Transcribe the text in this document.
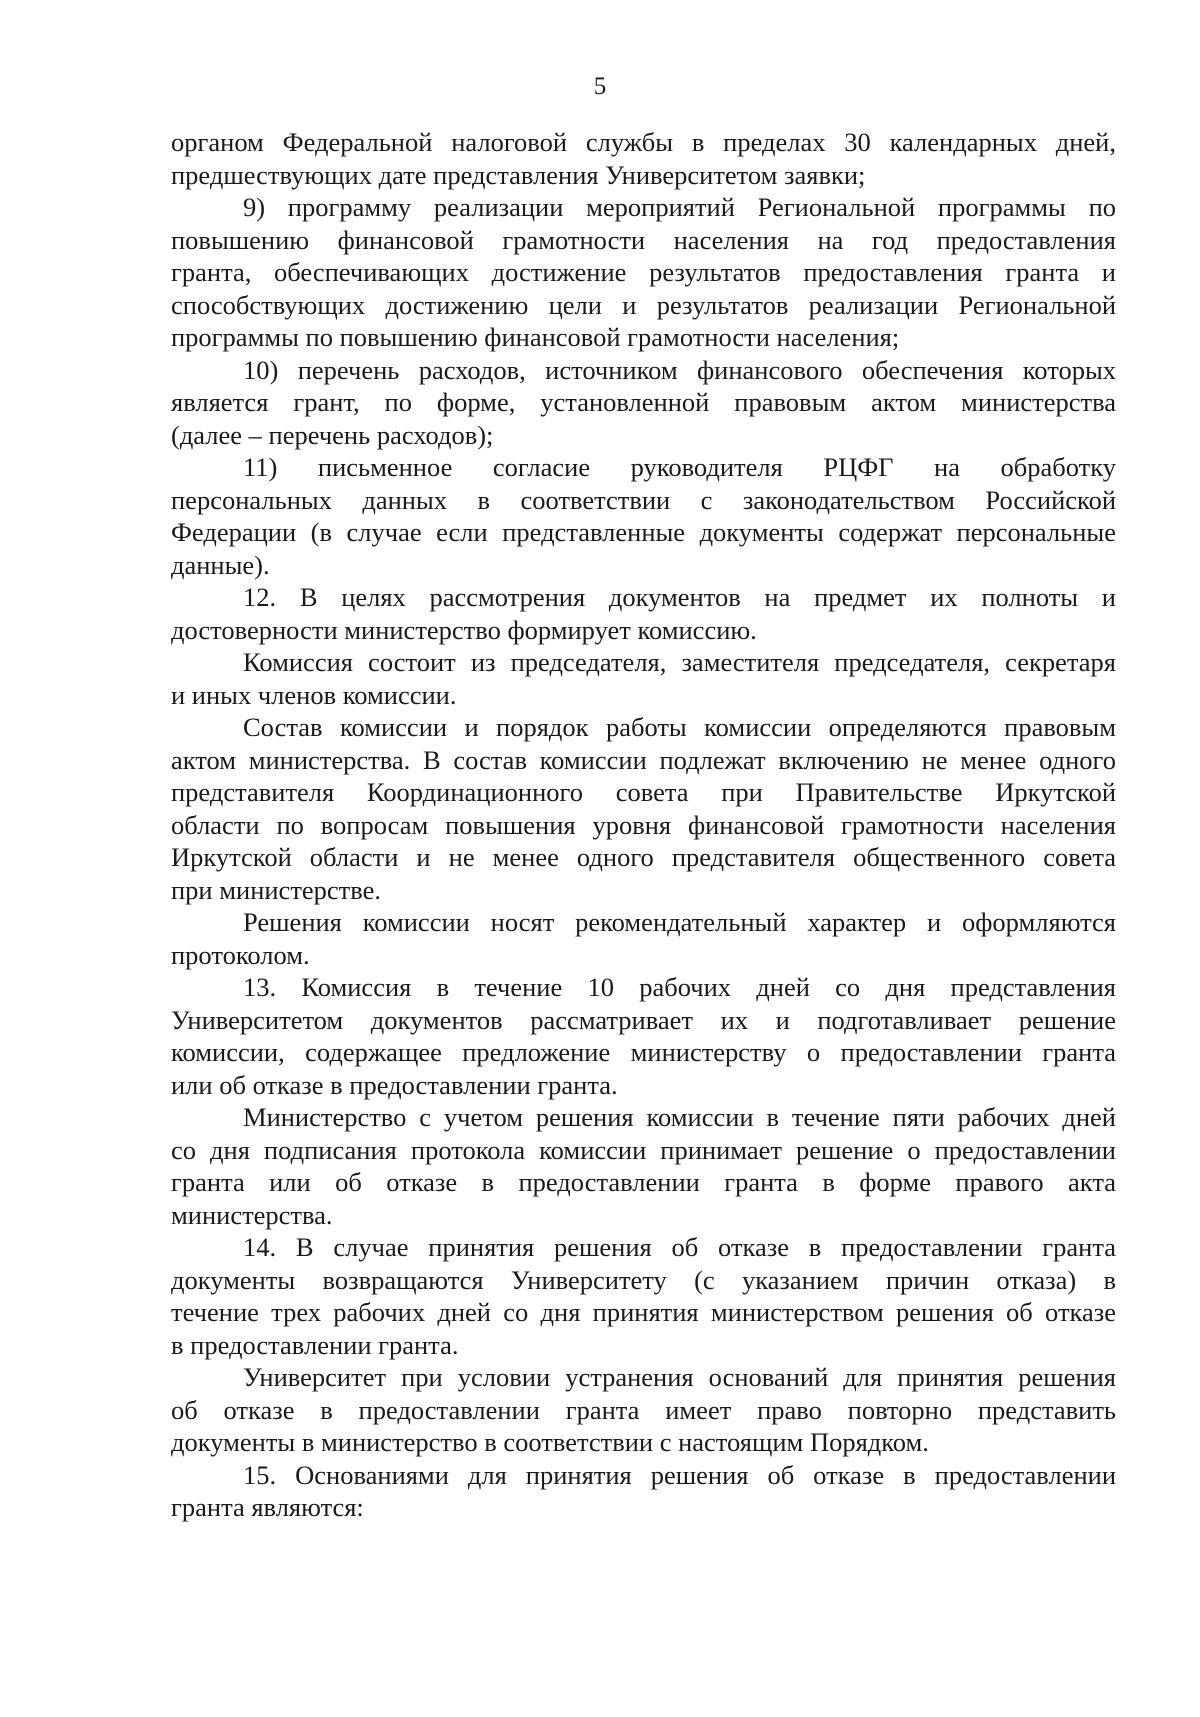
5
органом Федеральной налоговой службы в пределах 30 календарных дней,
предшествующих дате представления Университетом заявки;
9) программу реализации мероприятий Региональной программы по
повышению финансовой грамотности населения на год предоставления
гранта, обеспечивающих достижение результатов предоставления гранта и
способствующих достижению цели и результатов реализации Региональной
программы по повышению финансовой грамотности населения;
10) перечень расходов, источником финансового обеспечения которых
является грант, по форме, установленной правовым актом министерства
(далее – перечень расходов);
11) письменное согласие руководителя РЦФГ на обработку
персональных данных в соответствии с законодательством Российской
Федерации (в случае если представленные документы содержат персональные
данные).
12. В целях рассмотрения документов на предмет их полноты и
достоверности министерство формирует комиссию.
Комиссия состоит из председателя, заместителя председателя, секретаря
и иных членов комиссии.
Состав комиссии и порядок работы комиссии определяются правовым
актом министерства. В состав комиссии подлежат включению не менее одного
представителя Координационного совета при Правительстве Иркутской
области по вопросам повышения уровня финансовой грамотности населения
Иркутской области и не менее одного представителя общественного совета
при министерстве.
Решения комиссии носят рекомендательный характер и оформляются
протоколом.
13. Комиссия в течение 10 рабочих дней со дня представления
Университетом документов рассматривает их и подготавливает решение
комиссии, содержащее предложение министерству о предоставлении гранта
или об отказе в предоставлении гранта.
Министерство с учетом решения комиссии в течение пяти рабочих дней
со дня подписания протокола комиссии принимает решение о предоставлении
гранта или об отказе в предоставлении гранта в форме правого акта
министерства.
14. В случае принятия решения об отказе в предоставлении гранта
документы возвращаются Университету (с указанием причин отказа) в
течение трех рабочих дней со дня принятия министерством решения об отказе
в предоставлении гранта.
Университет при условии устранения оснований для принятия решения
об отказе в предоставлении гранта имеет право повторно представить
документы в министерство в соответствии с настоящим Порядком.
15. Основаниями для принятия решения об отказе в предоставлении
гранта являются:
